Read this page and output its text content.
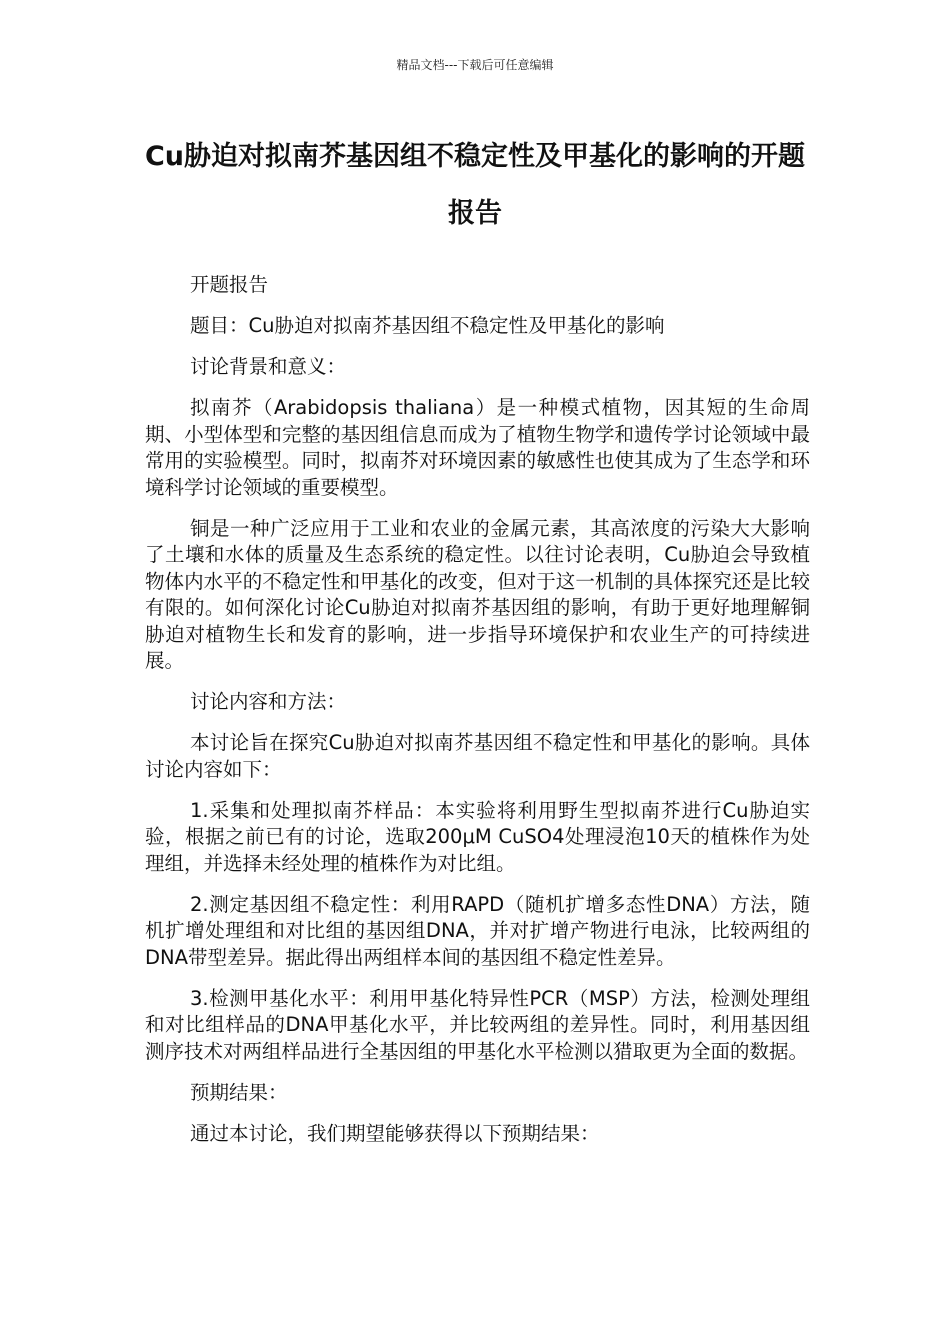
精品文档---下载后可任意编辑
Cu胁迫对拟南芥基因组不稳定性及甲基化的影响的开题报告

开题报告

题目：Cu胁迫对拟南芥基因组不稳定性及甲基化的影响

讨论背景和意义：

拟南芥（Arabidopsis thaliana）是一种模式植物，因其短的生命周期、小型体型和完整的基因组信息而成为了植物生物学和遗传学讨论领域中最常用的实验模型。同时，拟南芥对环境因素的敏感性也使其成为了生态学和环境科学讨论领域的重要模型。

铜是一种广泛应用于工业和农业的金属元素，其高浓度的污染大大影响了土壤和水体的质量及生态系统的稳定性。以往讨论表明，Cu胁迫会导致植物体内水平的不稳定性和甲基化的改变，但对于这一机制的具体探究还是比较有限的。如何深化讨论Cu胁迫对拟南芥基因组的影响，有助于更好地理解铜胁迫对植物生长和发育的影响，进一步指导环境保护和农业生产的可持续进展。

讨论内容和方法：

本讨论旨在探究Cu胁迫对拟南芥基因组不稳定性和甲基化的影响。具体讨论内容如下：

1.采集和处理拟南芥样品：本实验将利用野生型拟南芥进行Cu胁迫实验，根据之前已有的讨论，选取200μM CuSO4处理浸泡10天的植株作为处理组，并选择未经处理的植株作为对比组。

2.测定基因组不稳定性：利用RAPD（随机扩增多态性DNA）方法，随机扩增处理组和对比组的基因组DNA，并对扩增产物进行电泳，比较两组的DNA带型差异。据此得出两组样本间的基因组不稳定性差异。

3.检测甲基化水平：利用甲基化特异性PCR（MSP）方法，检测处理组和对比组样品的DNA甲基化水平，并比较两组的差异性。同时，利用基因组测序技术对两组样品进行全基因组的甲基化水平检测以猎取更为全面的数据。

预期结果：

通过本讨论，我们期望能够获得以下预期结果：
